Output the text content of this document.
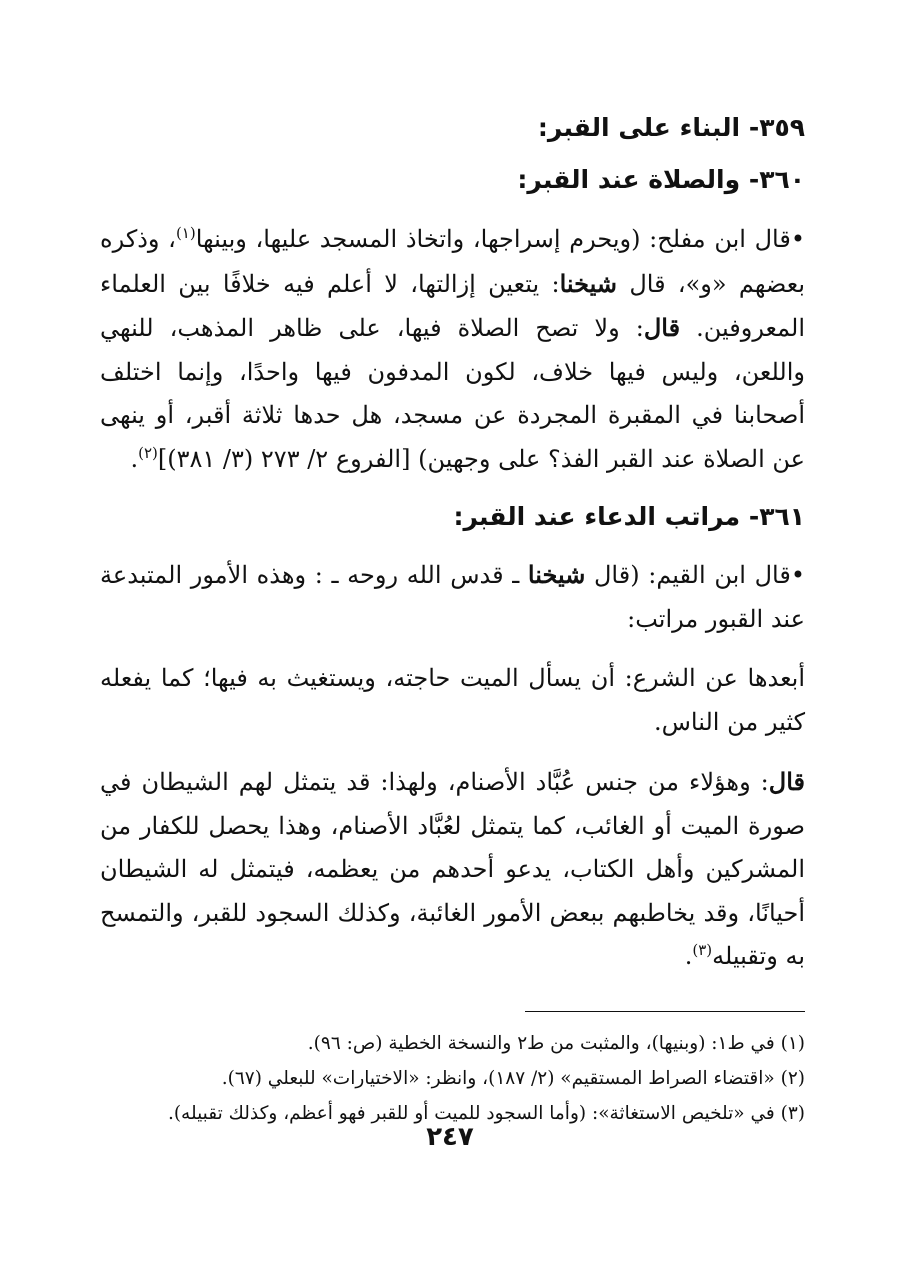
٣٥٩- البناء على القبر:
٣٦٠- والصلاة عند القبر:

•قال ابن مفلح: (ويحرم إسراجها، واتخاذ المسجد عليها، وبينها$^{(١)}$، وذكره بعضهم «و»، قال شيخنا: يتعين إزالتها، لا أعلم فيه خلافًا بين العلماء المعروفين. قال: ولا تصح الصلاة فيها، على ظاهر المذهب، للنهي واللعن، وليس فيها خلاف، لكون المدفون فيها واحدًا، وإنما اختلف أصحابنا في المقبرة المجردة عن مسجد، هل حدها ثلاثة أقبر، أو ينهى عن الصلاة عند القبر الفذ؟ على وجهين) [الفروع ٢/ ٢٧٣ (٣/ ٣٨١)]$^{(٢)}$.

٣٦١- مراتب الدعاء عند القبر:

•قال ابن القيم: (قال شيخنا ـ قدس الله روحه ـ : وهذه الأمور المتبدعة عند القبور مراتب:

أبعدها عن الشرع: أن يسأل الميت حاجته، ويستغيث به فيها؛ كما يفعله كثير من الناس.

قال: وهؤلاء من جنس عُبَّاد الأصنام، ولهذا: قد يتمثل لهم الشيطان في صورة الميت أو الغائب، كما يتمثل لعُبَّاد الأصنام، وهذا يحصل للكفار من المشركين وأهل الكتاب، يدعو أحدهم من يعظمه، فيتمثل له الشيطان أحيانًا، وقد يخاطبهم ببعض الأمور الغائبة، وكذلك السجود للقبر، والتمسح به وتقبيله$^{(٣)}$.

(١) في ط١: (وبنيها)، والمثبت من ط٢ والنسخة الخطية (ص: ٩٦).

(٢) «اقتضاء الصراط المستقيم» (٢/ ١٨٧)، وانظر: «الاختيارات» للبعلي (٦٧).

(٣) في «تلخيص الاستغاثة»: (وأما السجود للميت أو للقبر فهو أعظم، وكذلك تقبيله).

٢٤٧
